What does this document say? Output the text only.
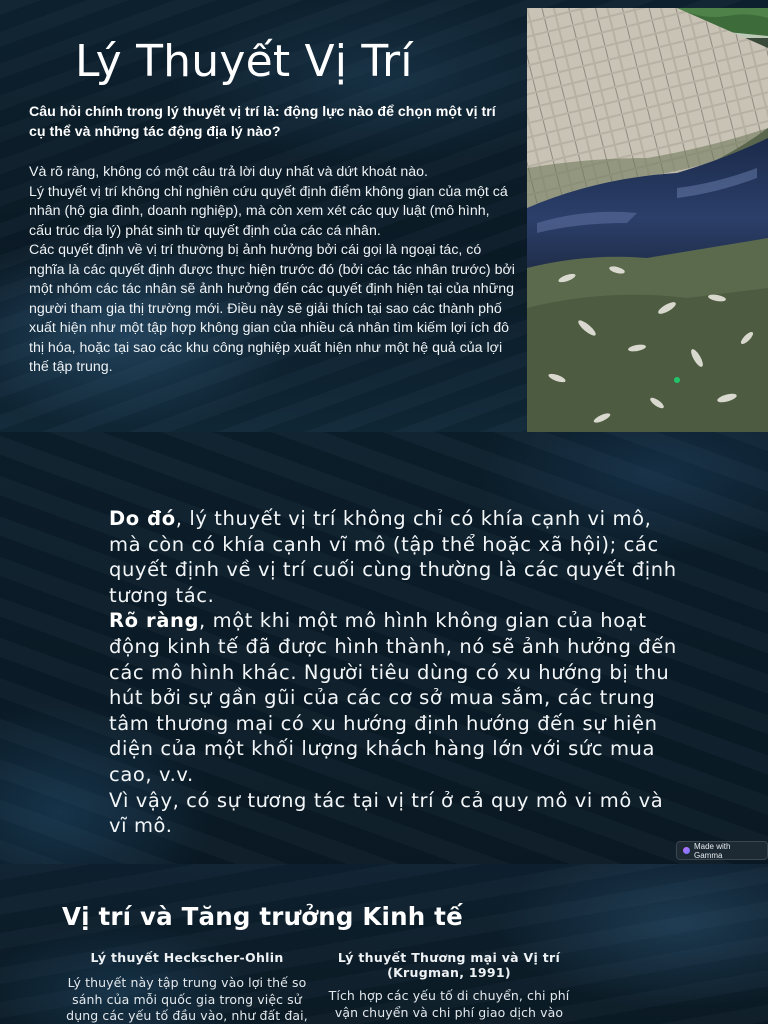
Lý Thuyết Vị Trí
Câu hỏi chính trong lý thuyết vị trí là: động lực nào để chọn một vị trí cụ thể và những tác động địa lý nào?

Và rõ ràng, không có một câu trả lời duy nhất và dứt khoát nào.

Lý thuyết vị trí không chỉ nghiên cứu quyết định điểm không gian của một cá nhân (hộ gia đình, doanh nghiệp), mà còn xem xét các quy luật (mô hình, cấu trúc địa lý) phát sinh từ quyết định của các cá nhân.

Các quyết định về vị trí thường bị ảnh hưởng bởi cái gọi là ngoại tác, có nghĩa là các quyết định được thực hiện trước đó (bởi các tác nhân trước) bởi một nhóm các tác nhân sẽ ảnh hưởng đến các quyết định hiện tại của những người tham gia thị trường mới. Điều này sẽ giải thích tại sao các thành phố xuất hiện như một tập hợp không gian của nhiều cá nhân tìm kiếm lợi ích đô thị hóa, hoặc tại sao các khu công nghiệp xuất hiện như một hệ quả của lợi thế tập trung.

Do đó, lý thuyết vị trí không chỉ có khía cạnh vi mô, mà còn có khía cạnh vĩ mô (tập thể hoặc xã hội); các quyết định về vị trí cuối cùng thường là các quyết định tương tác.

Rõ ràng, một khi một mô hình không gian của hoạt động kinh tế đã được hình thành, nó sẽ ảnh hưởng đến các mô hình khác. Người tiêu dùng có xu hướng bị thu hút bởi sự gần gũi của các cơ sở mua sắm, các trung tâm thương mại có xu hướng định hướng đến sự hiện diện của một khối lượng khách hàng lớn với sức mua cao, v.v.

Vì vậy, có sự tương tác tại vị trí ở cả quy mô vi mô và vĩ mô.

Made with Gamma
Vị trí và Tăng trưởng Kinh tế
Lý thuyết Heckscher-Ohlin

Lý thuyết này tập trung vào lợi thế so sánh của mỗi quốc gia trong việc sử dụng các yếu tố đầu vào, như đất đai,

Lý thuyết Thương mại và Vị trí (Krugman, 1991)

Tích hợp các yếu tố di chuyển, chi phí vận chuyển và chi phí giao dịch vào
